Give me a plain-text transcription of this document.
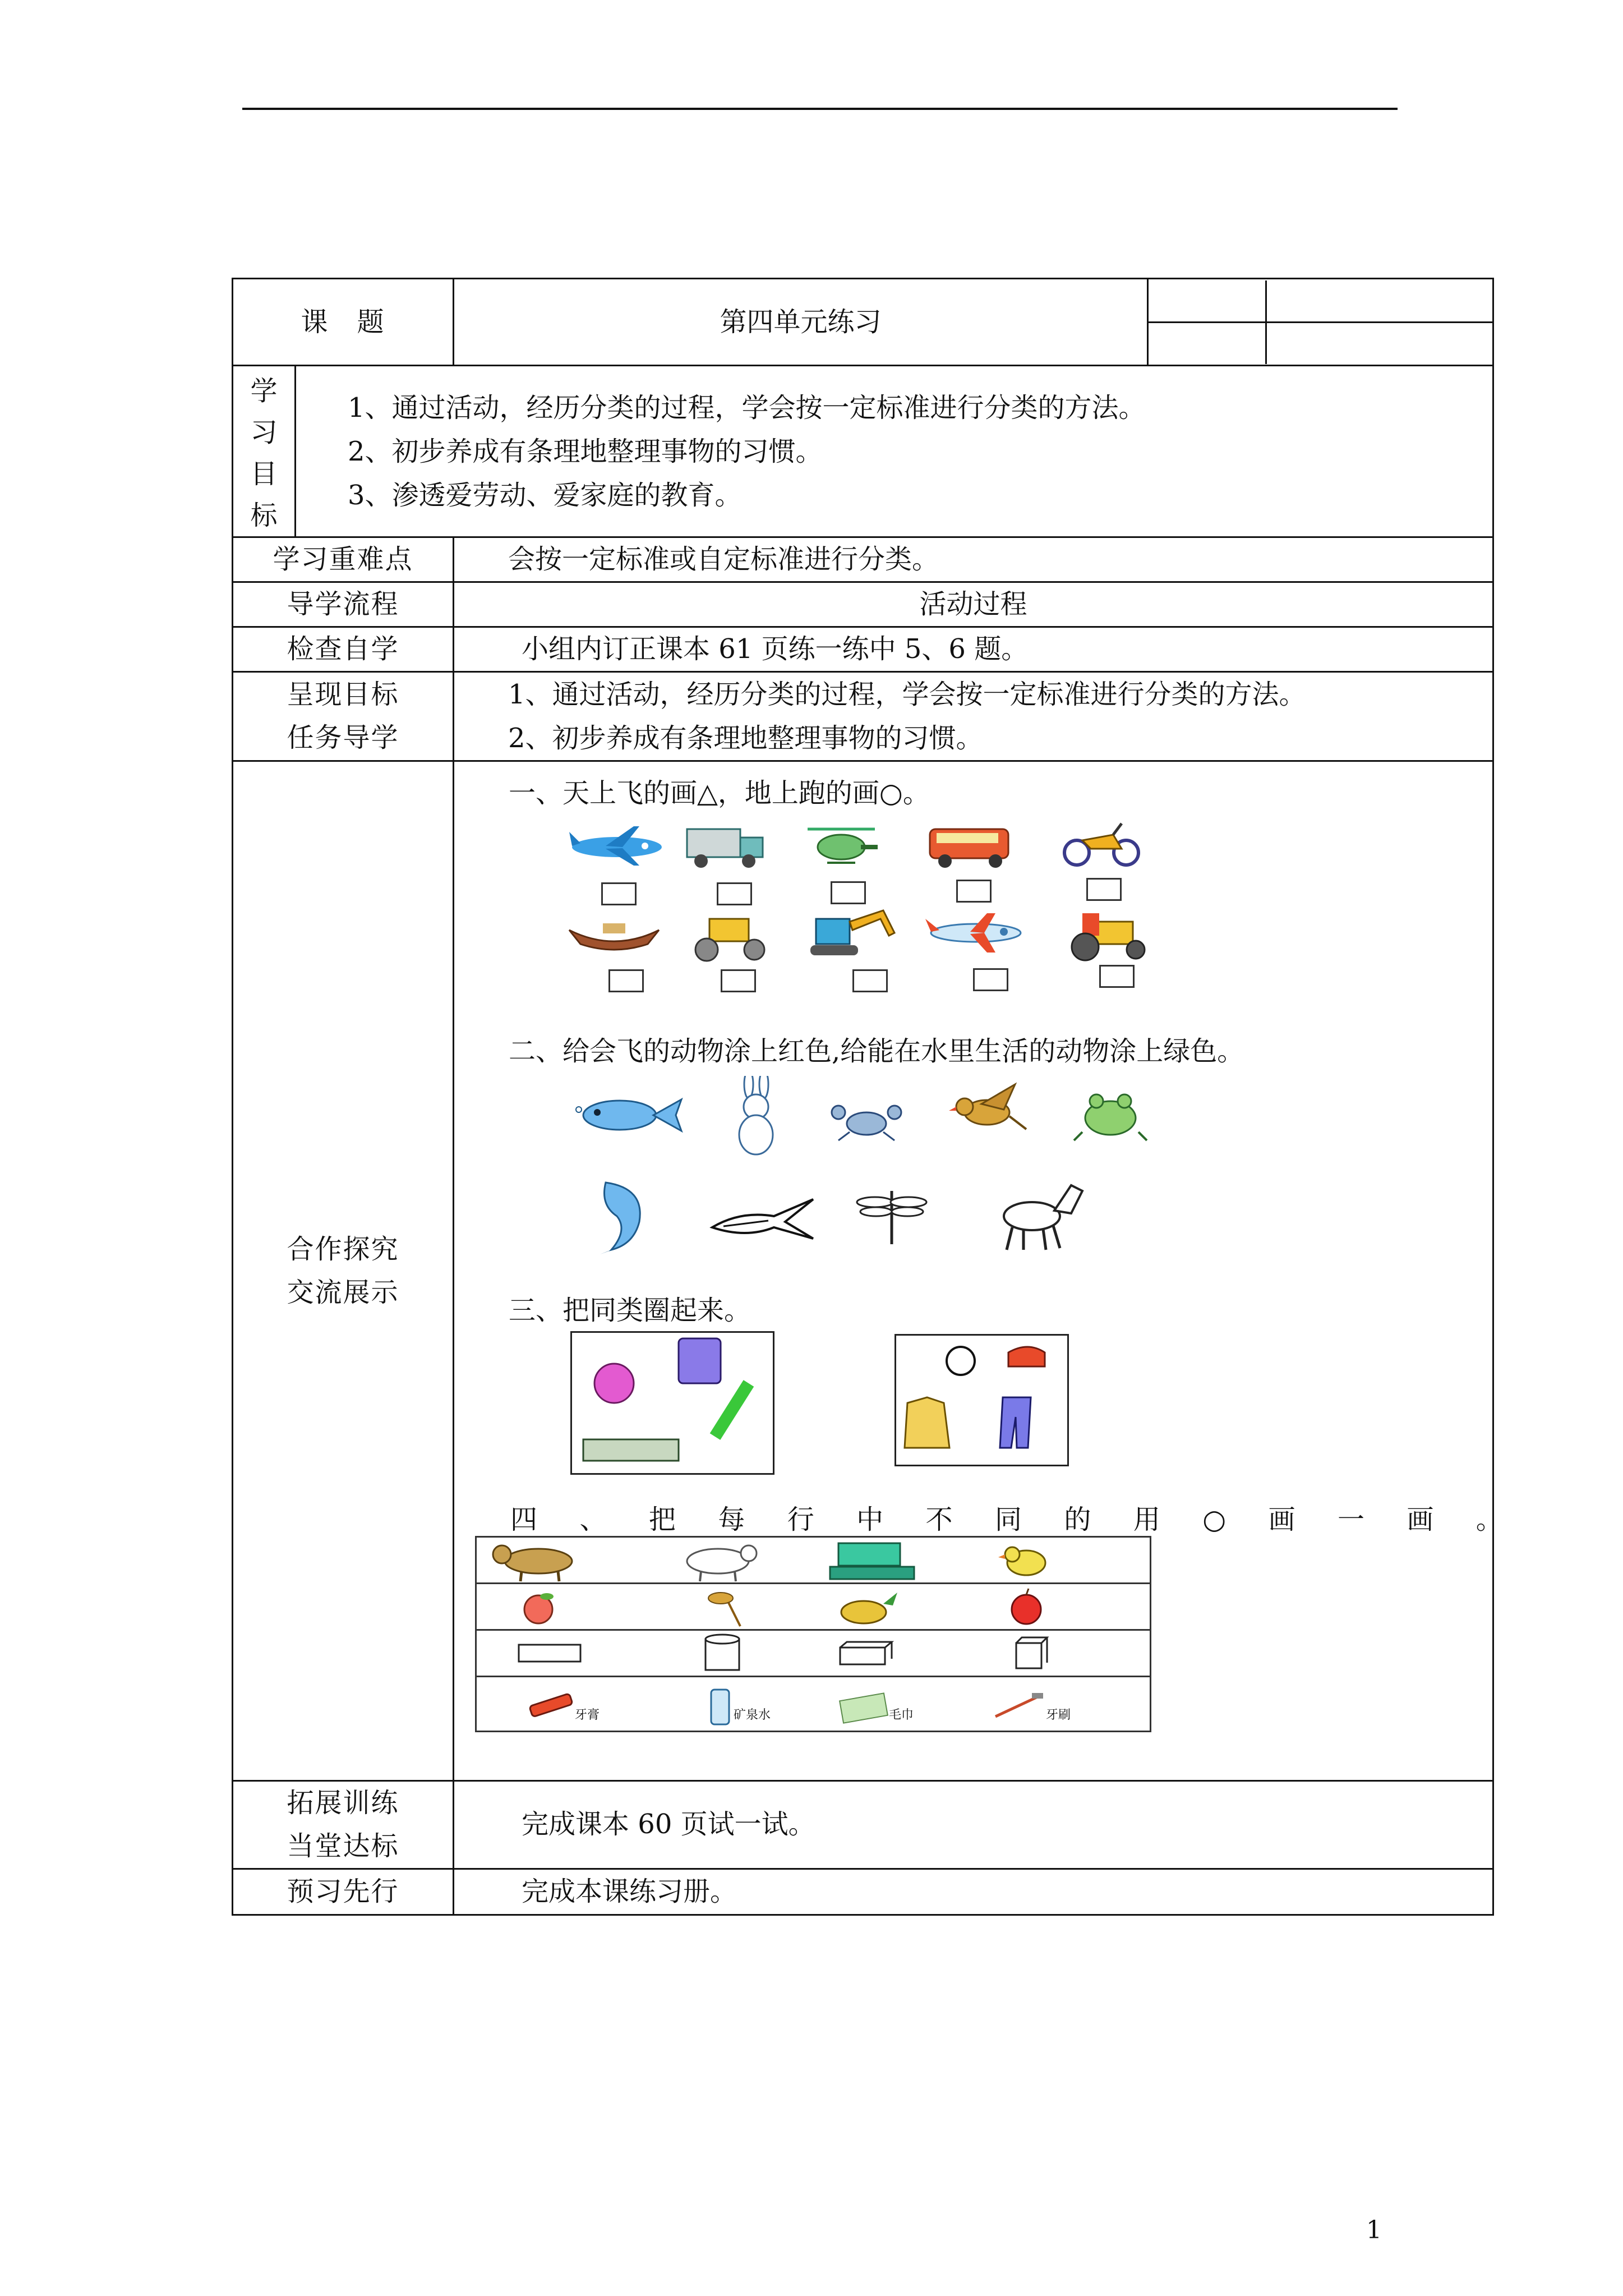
课　题	第四单元练习	

学
习
目
标

1、通过活动，经历分类的过程，学会按一定标准进行分类的方法。
2、初步养成有条理地整理事物的习惯。
3、渗透爱劳动、爱家庭的教育。

学习重难点	会按一定标准或自定标准进行分类。
导学流程	活动过程
检查自学	小组内订正课本 61 页练一练中 5、6 题。

呈现目标
任务导学

1、通过活动，经历分类的过程，学会按一定标准进行分类的方法。
2、初步养成有条理地整理事物的习惯。

合作探究
交流展示

一、天上飞的画△，地上跑的画○。
二、给会飞的动物涂上红色,给能在水里生活的动物涂上绿色。
三、把同类圈起来。
四 、 把 每 行 中 不 同 的 用 ○ 画 一 画 。

牙膏	矿泉水	毛巾	牙刷

拓展训练
当堂达标
	完成课本 60 页试一试。
预习先行	完成本课练习册。
1
